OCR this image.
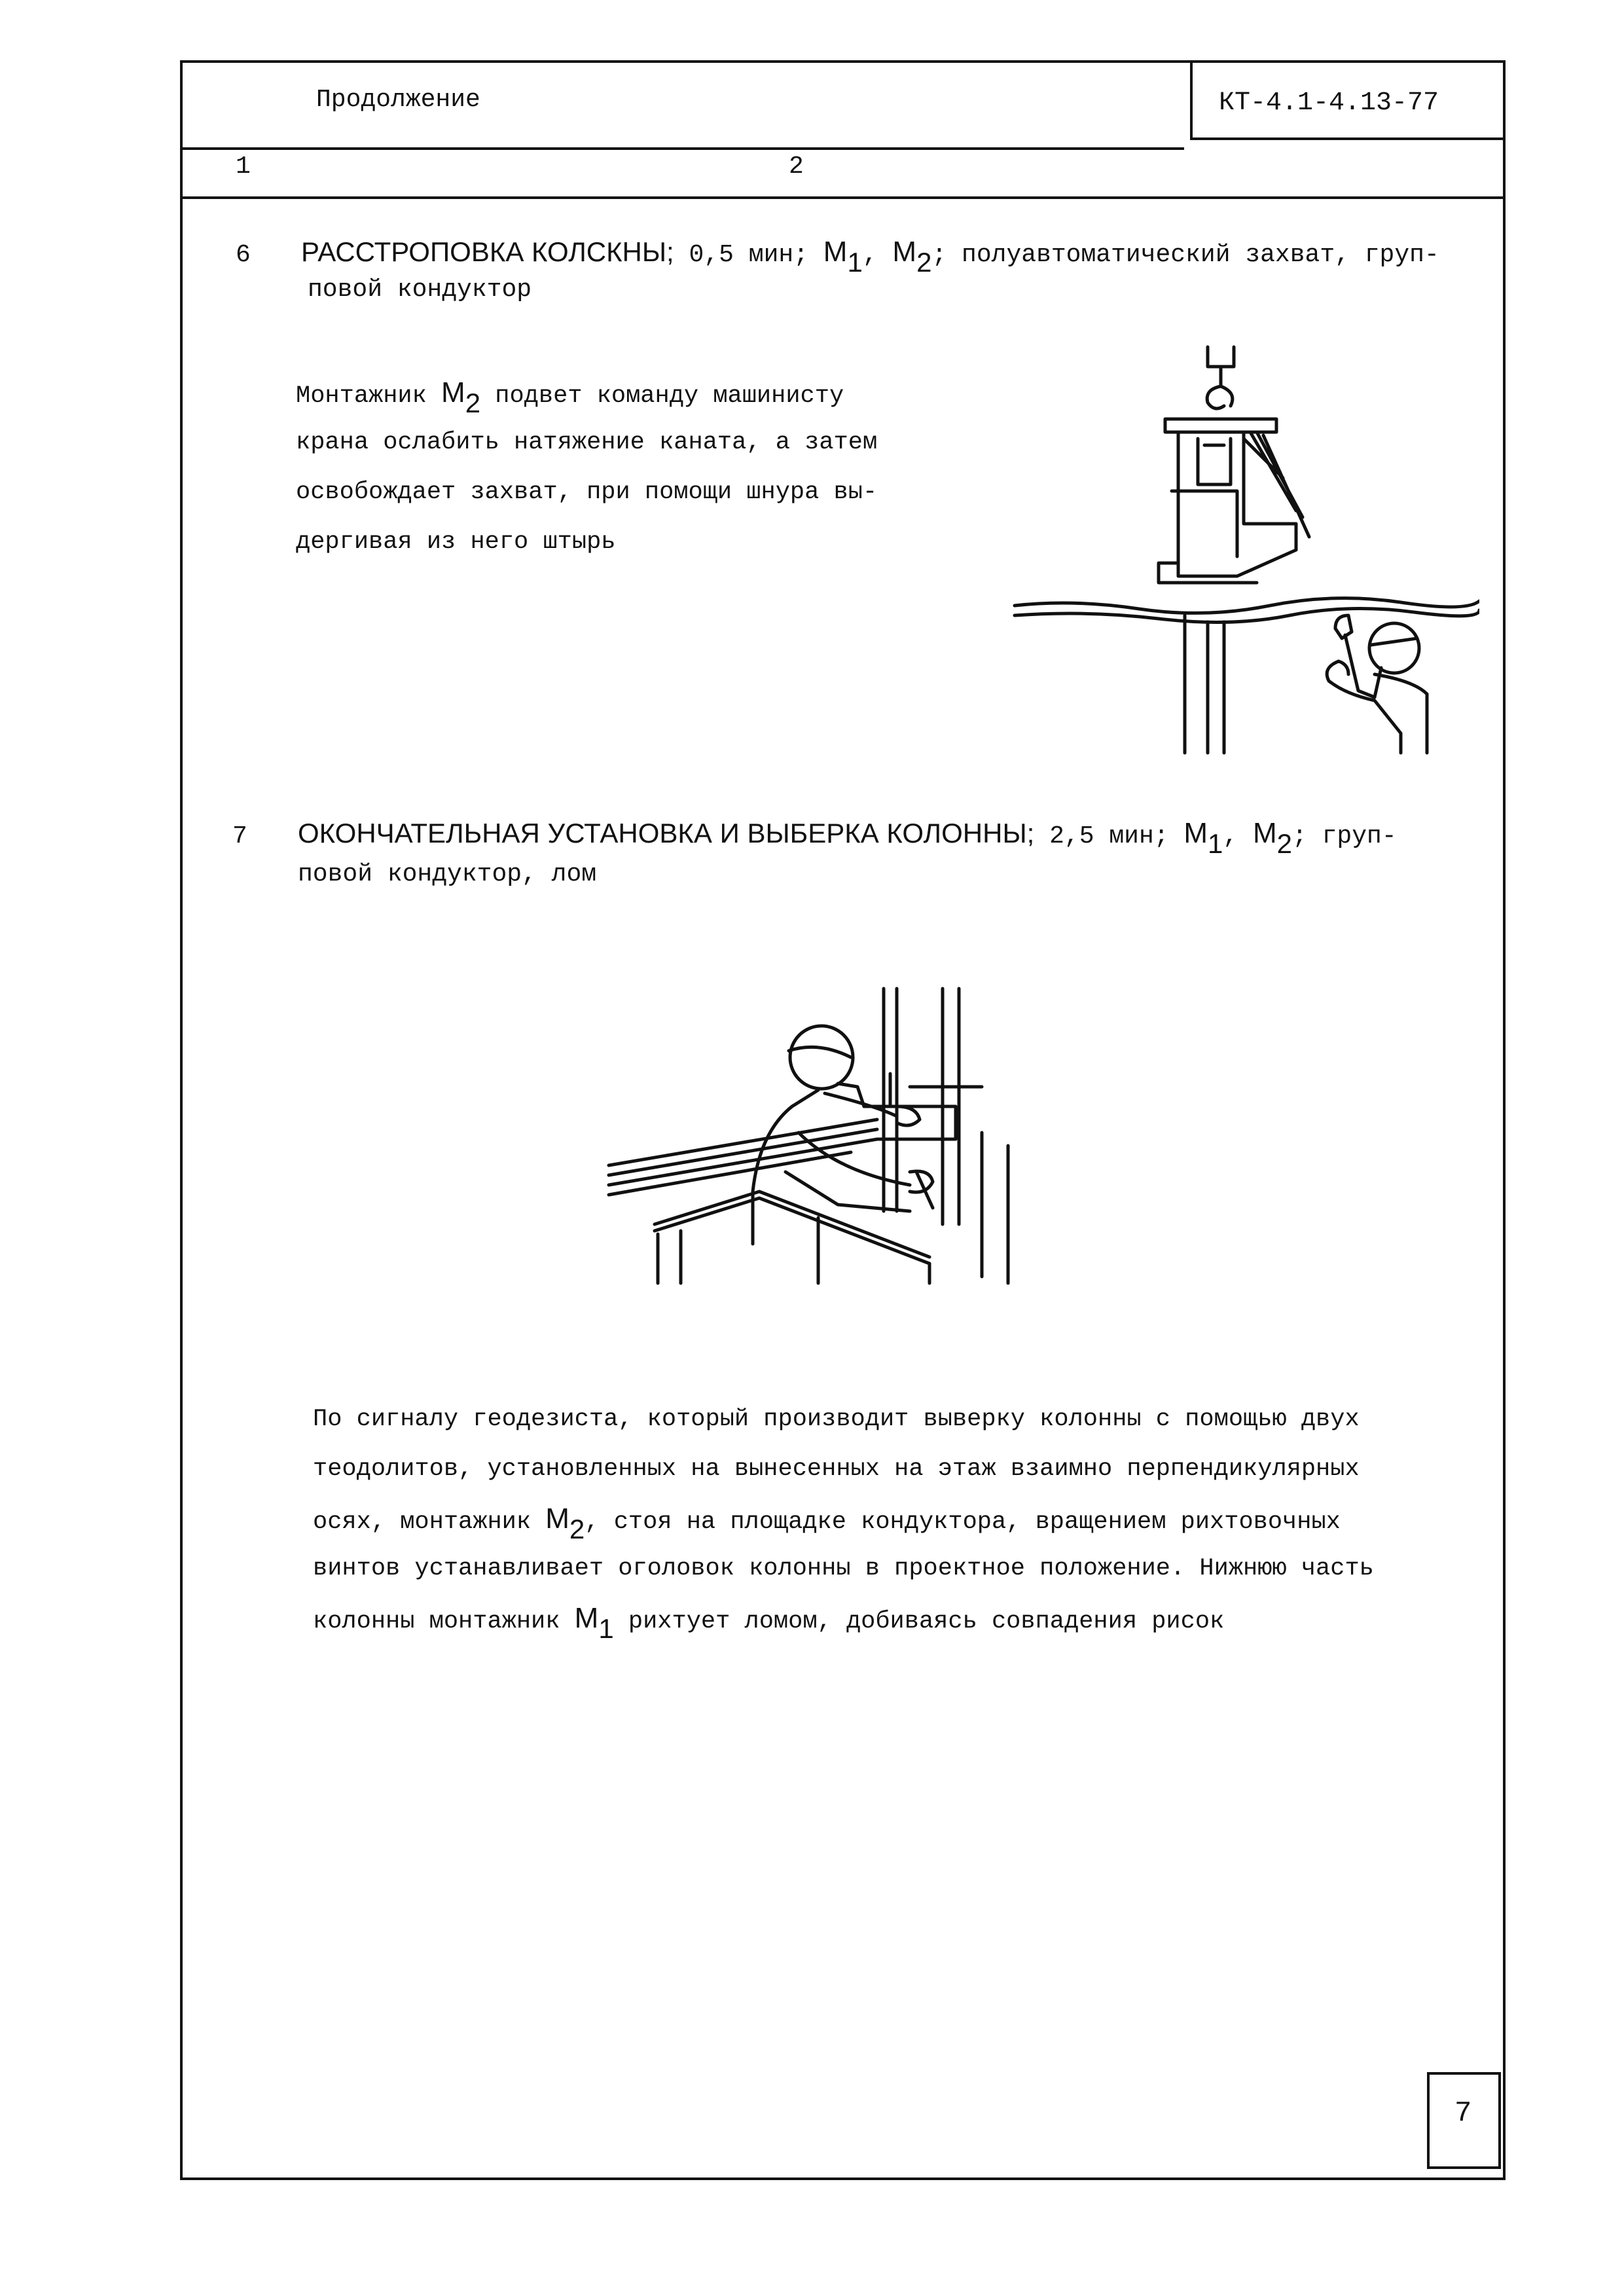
Продолжение	КТ-4.1-4.13-77
1	2
6 РАССТРОПОВКА КОЛСКНЫ; 0,5 мин; $М_1$, $М_2$; полуавтоматический захват, груп-
повой кондуктор
Монтажник $М_2$ подвет команду машинисту
крана ослабить натяжение каната, а затем
освобождает захват, при помощи шнура вы-
дергивая из него штырь
7 ОКОНЧАТЕЛЬНАЯ УСТАНОВКА И ВЫБЕРКА КОЛОННЫ; 2,5 мин; $М_1$, $М_2$; груп-
повой кондуктор, лом
По сигналу геодезиста, который производит выверку колонны с помощью двух
теодолитов, установленных на вынесенных на этаж взаимно перпендикулярных
осях, монтажник $М_2$, стоя на площадке кондуктора, вращением рихтовочных
винтов устанавливает оголовок колонны в проектное положение. Нижнюю часть
колонны монтажник $М_1$ рихтует ломом, добиваясь совпадения рисок
7
